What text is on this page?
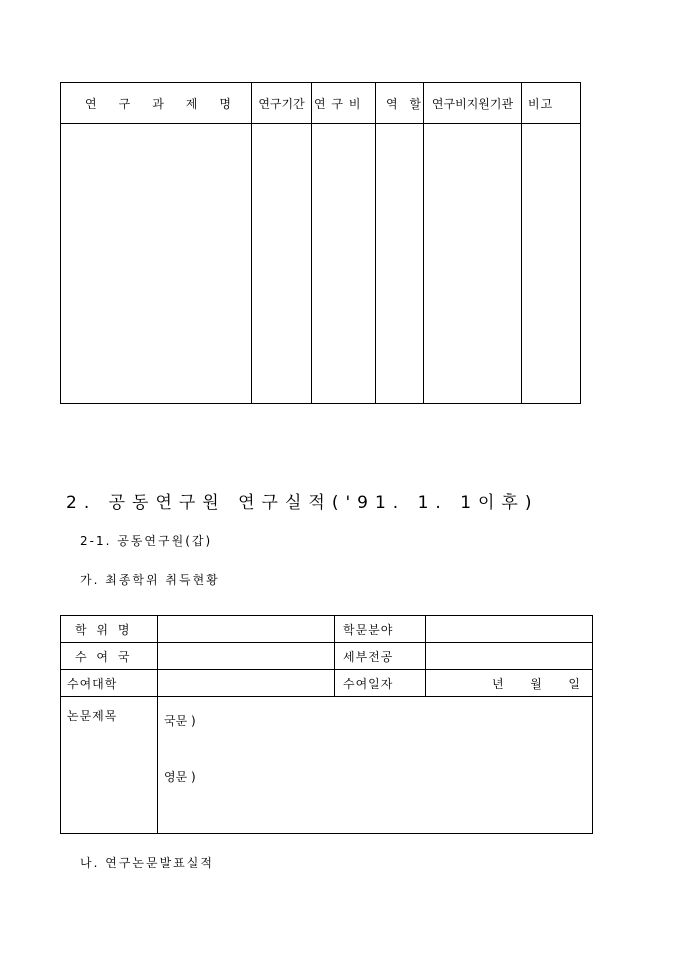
연 구 과 제 명	연구기간	연 구 비	역 할	연구비지원기관	비고

2. 공동연구원 연구실적('91. 1. 1이후)
2-1. 공동연구원(갑)
가. 최종학위 취득현황
학 위 명		학문분야	
수 여 국		세부전공	
수여대학		수여일자	년 월 일

논문제목	국문 )
영문 )		
나. 연구논문발표실적
